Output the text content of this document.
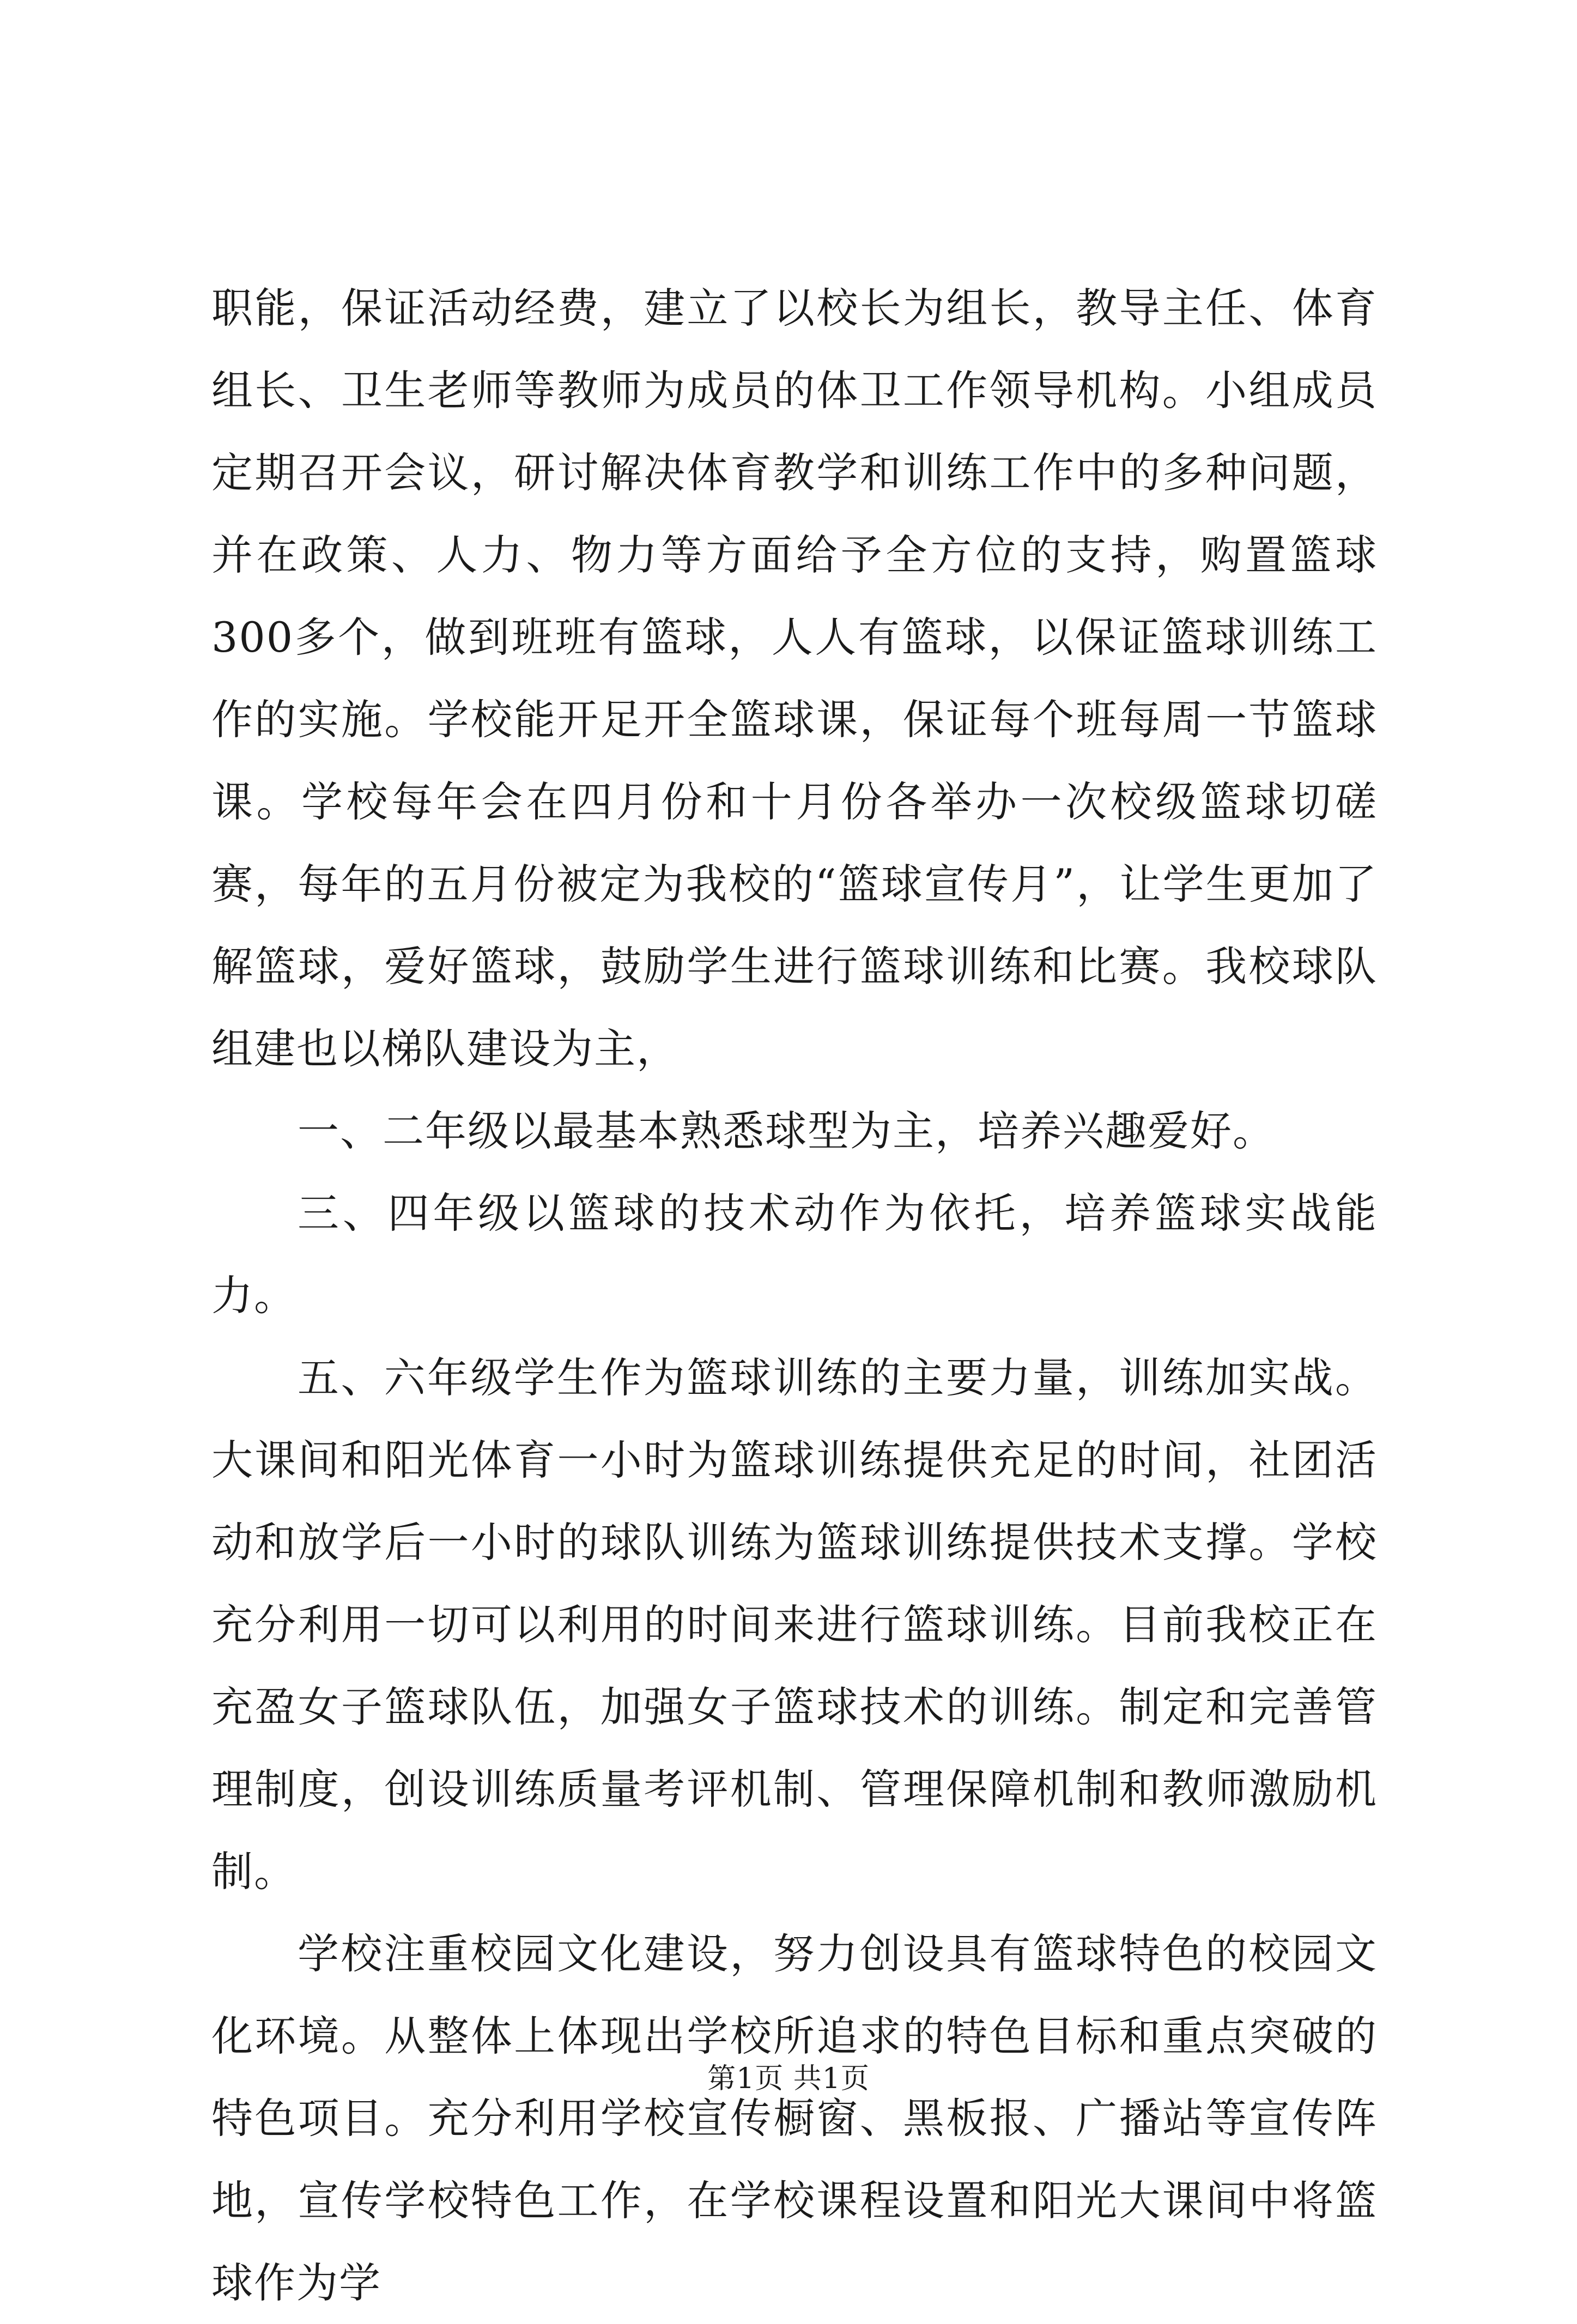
职能，保证活动经费，建立了以校长为组长，教导主任、体育组长、卫生老师等教师为成员的体卫工作领导机构。小组成员定期召开会议，研讨解决体育教学和训练工作中的多种问题，并在政策、人力、物力等方面给予全方位的支持，购置篮球300多个，做到班班有篮球，人人有篮球，以保证篮球训练工作的实施。学校能开足开全篮球课，保证每个班每周一节篮球课。学校每年会在四月份和十月份各举办一次校级篮球切磋赛，每年的五月份被定为我校的“篮球宣传月”，让学生更加了解篮球，爱好篮球，鼓励学生进行篮球训练和比赛。我校球队组建也以梯队建设为主，

一、二年级以最基本熟悉球型为主，培养兴趣爱好。

三、四年级以篮球的技术动作为依托，培养篮球实战能力。

五、六年级学生作为篮球训练的主要力量，训练加实战。大课间和阳光体育一小时为篮球训练提供充足的时间，社团活动和放学后一小时的球队训练为篮球训练提供技术支撑。学校充分利用一切可以利用的时间来进行篮球训练。目前我校正在充盈女子篮球队伍，加强女子篮球技术的训练。制定和完善管理制度，创设训练质量考评机制、管理保障机制和教师激励机制。

学校注重校园文化建设，努力创设具有篮球特色的校园文化环境。从整体上体现出学校所追求的特色目标和重点突破的特色项目。充分利用学校宣传橱窗、黑板报、广播站等宣传阵地，宣传学校特色工作，在学校课程设置和阳光大课间中将篮球作为学

第1页 共1页
